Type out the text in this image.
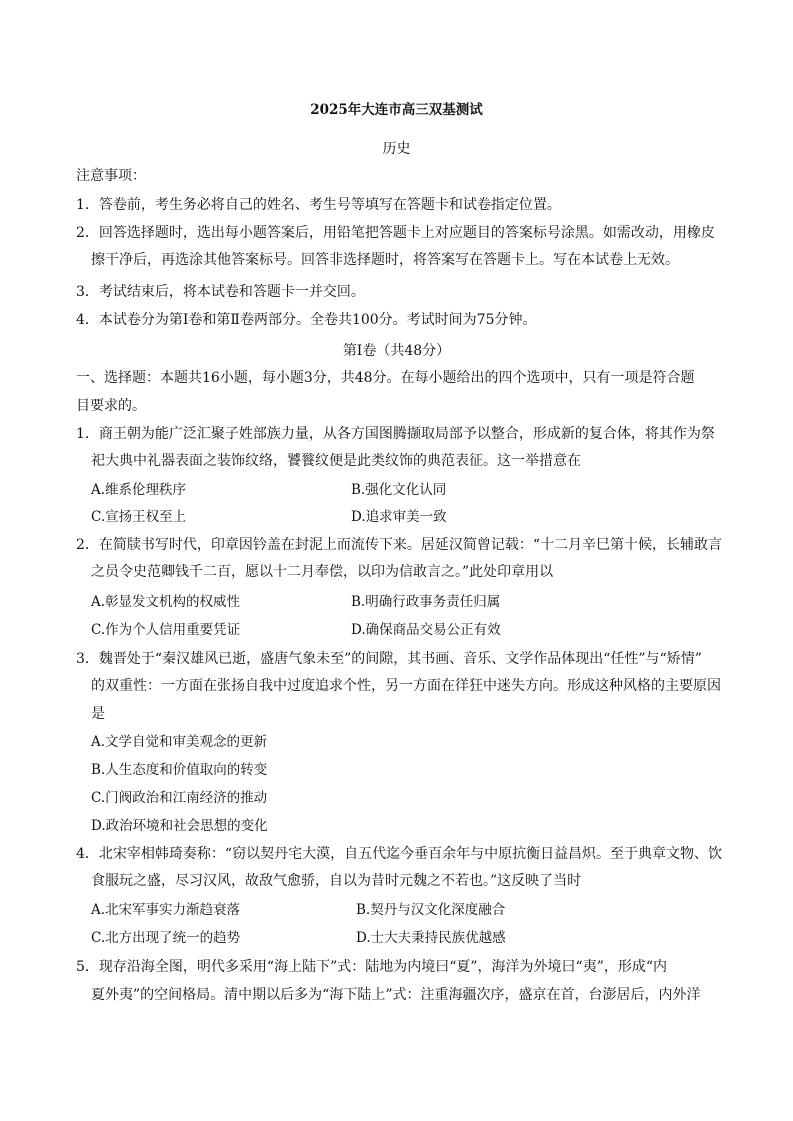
2025年大连市高三双基测试
历史
注意事项：
1．答卷前，考生务必将自己的姓名、考生号等填写在答题卡和试卷指定位置。
2．回答选择题时，选出每小题答案后，用铅笔把答题卡上对应题目的答案标号涂黑。如需改动，用橡皮
擦干净后，再选涂其他答案标号。回答非选择题时，将答案写在答题卡上。写在本试卷上无效。
3．考试结束后，将本试卷和答题卡一并交回。
4．本试卷分为第Ⅰ卷和第Ⅱ卷两部分。全卷共100分。考试时间为75分钟。
第Ⅰ卷（共48分）
一、选择题：本题共16小题，每小题3分，共48分。在每小题给出的四个选项中，只有一项是符合题
目要求的。
1．商王朝为能广泛汇聚子姓部族力量，从各方国图腾撷取局部予以整合，形成新的复合体，将其作为祭
祀大典中礼器表面之装饰纹络，饕餮纹便是此类纹饰的典范表征。这一举措意在
A.维系伦理秩序	B.强化文化认同
C.宣扬王权至上	D.追求审美一致
2．在简牍书写时代，印章因钤盖在封泥上而流传下来。居延汉简曾记载：“十二月辛巳第十候，长辅敢言
之员令史范卿钱千二百，愿以十二月奉偿，以印为信敢言之。”此处印章用以
A.彰显发文机构的权威性	B.明确行政事务责任归属
C.作为个人信用重要凭证	D.确保商品交易公正有效
3．魏晋处于“秦汉雄风已逝，盛唐气象未至”的间隙，其书画、音乐、文学作品体现出“任性”与“矫情”
的双重性：一方面在张扬自我中过度追求个性，另一方面在徉狂中迷失方向。形成这种风格的主要原因
是
A.文学自觉和审美观念的更新
B.人生态度和价值取向的转变
C.门阀政治和江南经济的推动
D.政治环境和社会思想的变化
4．北宋宰相韩琦奏称：“窃以契丹宅大漠，自五代迄今垂百余年与中原抗衡日益昌炽。至于典章文物、饮
食服玩之盛，尽习汉风，故敌气愈骄，自以为昔时元魏之不若也。”这反映了当时
A.北宋军事实力渐趋衰落	B.契丹与汉文化深度融合
C.北方出现了统一的趋势	D.士大夫秉持民族优越感
5．现存沿海全图，明代多采用“海上陆下”式：陆地为内境曰“夏”，海洋为外境曰“夷”，形成“内
夏外夷”的空间格局。清中期以后多为“海下陆上”式：注重海疆次序，盛京在首，台澎居后，内外洋
